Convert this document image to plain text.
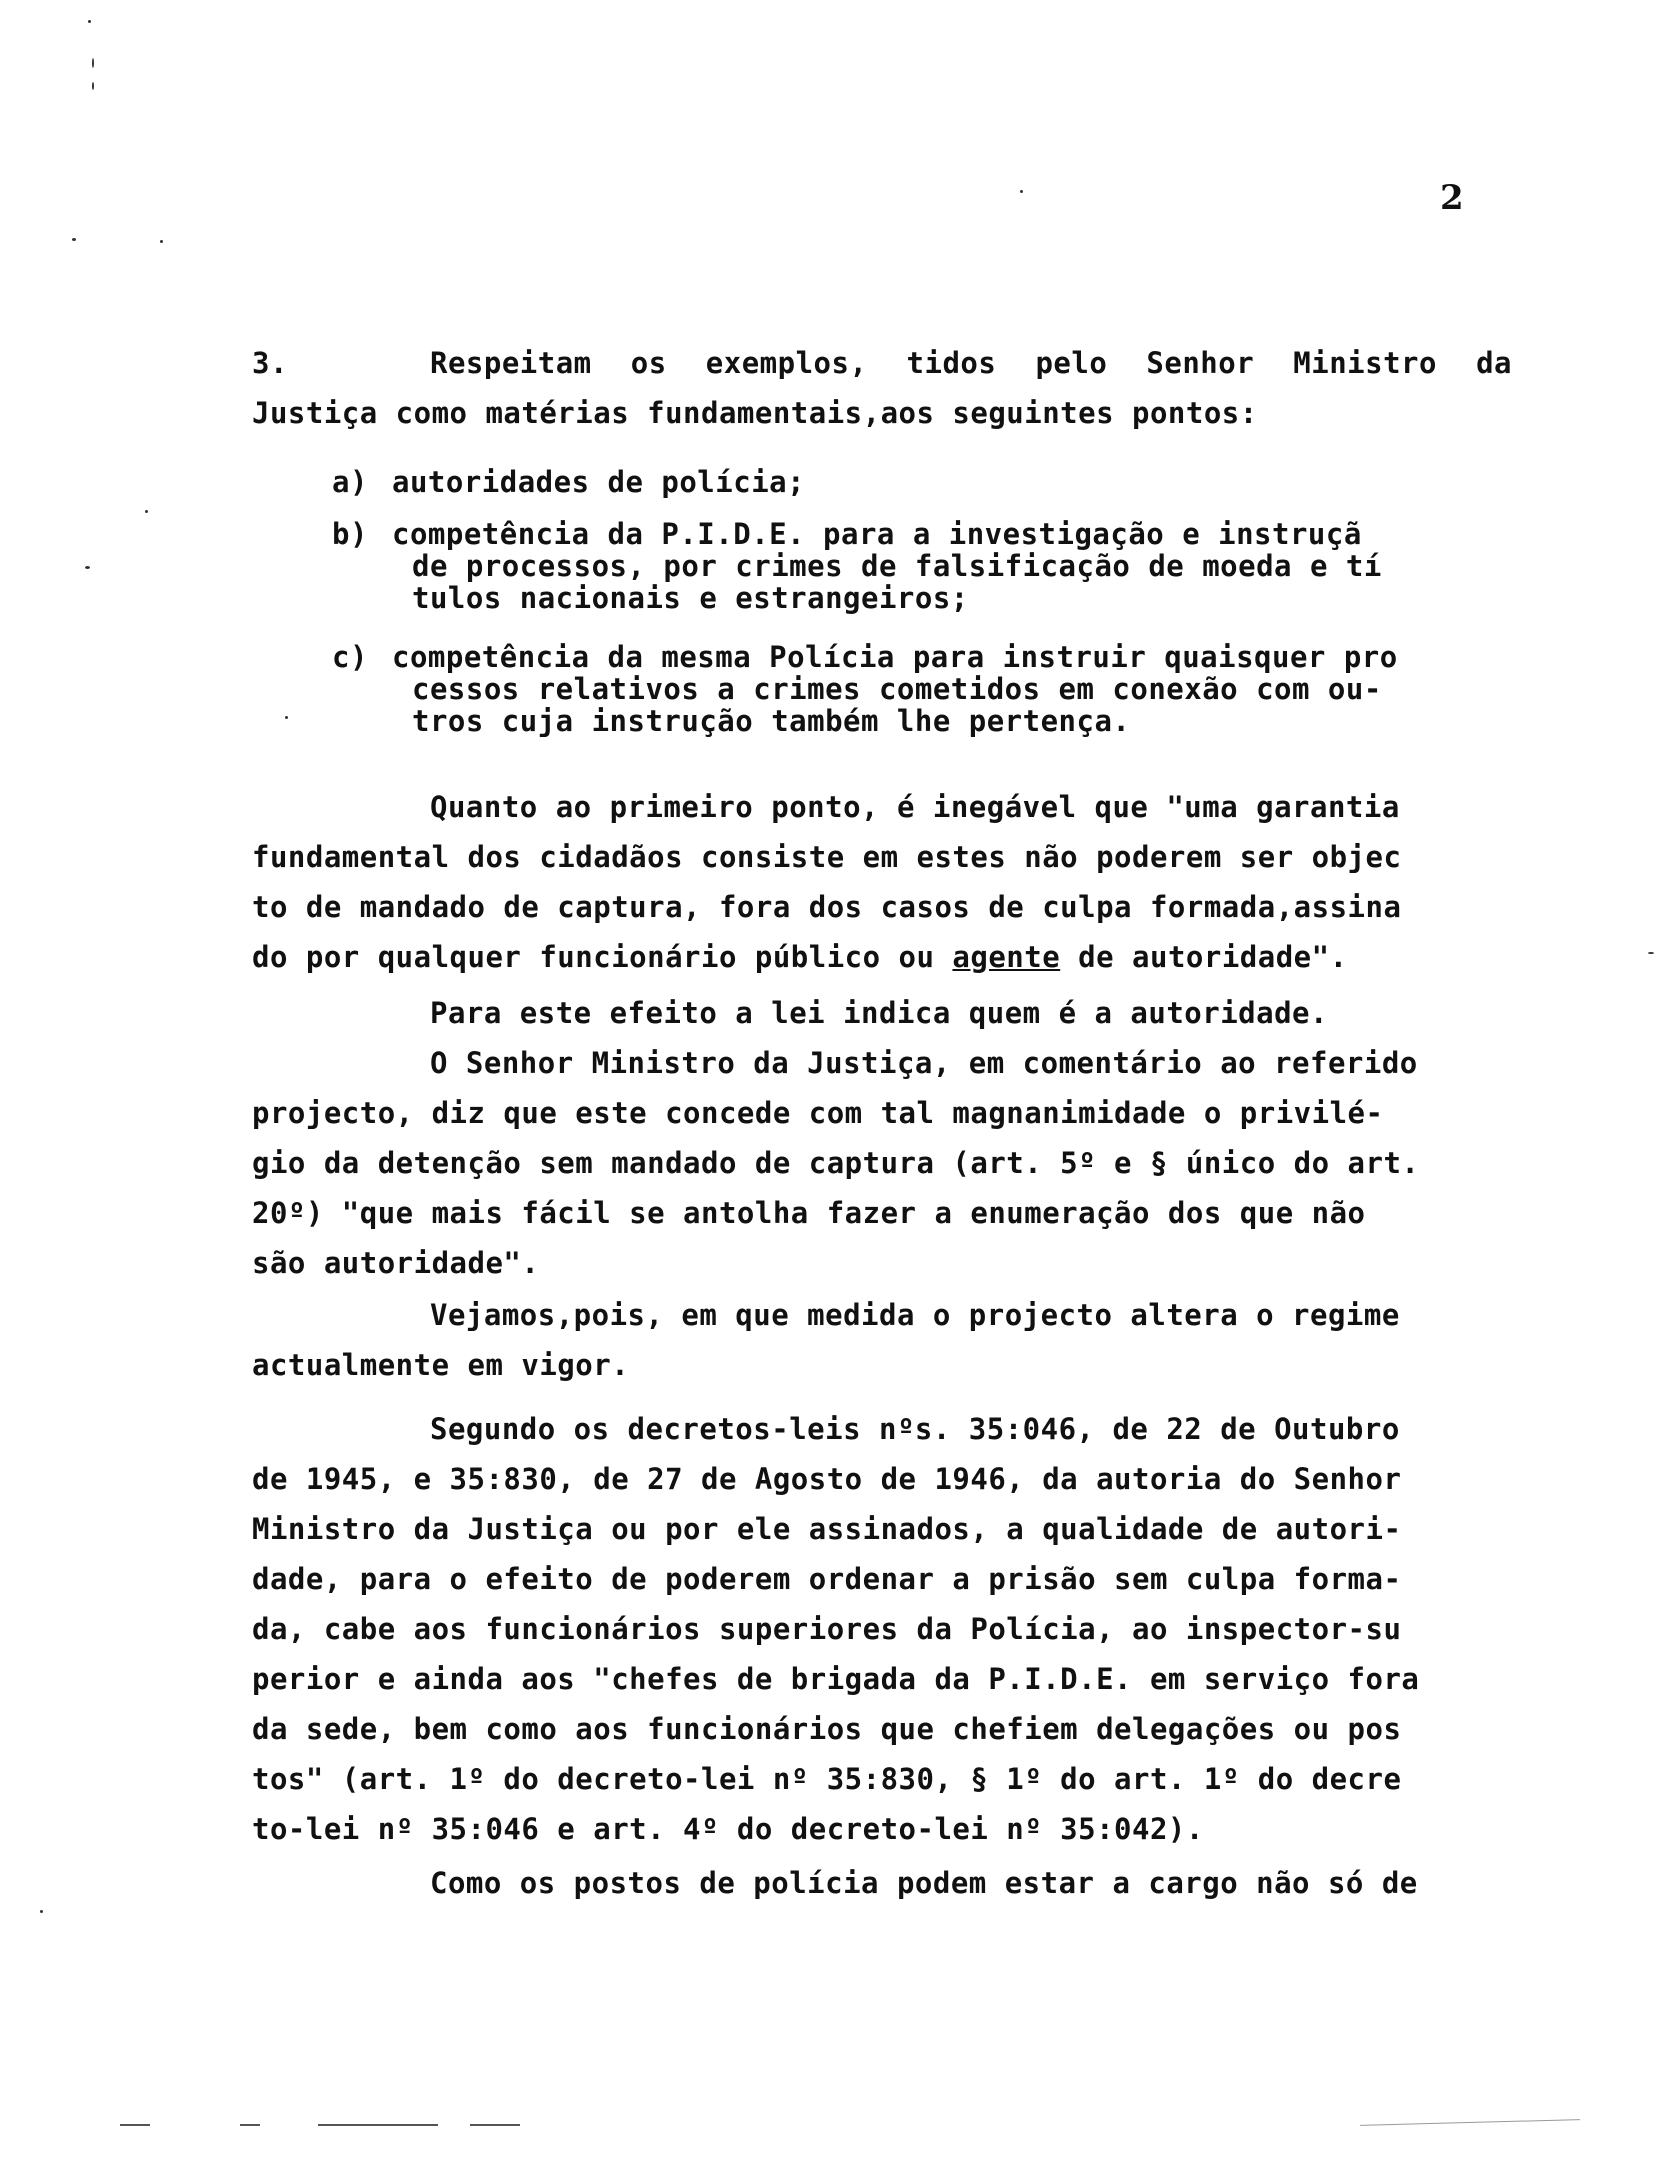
2
3.	Respeitam os exemplos, tidos pelo Senhor Ministro da
Justiça como matérias fundamentais,aos seguintes pontos:
a) autoridades de polícia;
b) competência da P.I.D.E. para a investigação e instruçã
de processos, por crimes de falsificação de moeda e tí
tulos nacionais e estrangeiros;
c) competência da mesma Polícia para instruir quaisquer pro
cessos relativos a crimes cometidos em conexão com ou-
tros cuja instrução também lhe pertença.
Quanto ao primeiro ponto, é inegável que "uma garantia
fundamental dos cidadãos consiste em estes não poderem ser objec
to de mandado de captura, fora dos casos de culpa formada,assina
do por qualquer funcionário público ou agente de autoridade".
Para este efeito a lei indica quem é a autoridade.
O Senhor Ministro da Justiça, em comentário ao referido
projecto, diz que este concede com tal magnanimidade o privilé-
gio da detenção sem mandado de captura (art. 5º e § único do art.
20º) "que mais fácil se antolha fazer a enumeração dos que não
são autoridade".
Vejamos,pois, em que medida o projecto altera o regime
actualmente em vigor.
Segundo os decretos-leis nºs. 35:046, de 22 de Outubro
de 1945, e 35:830, de 27 de Agosto de 1946, da autoria do Senhor
Ministro da Justiça ou por ele assinados, a qualidade de autori-
dade, para o efeito de poderem ordenar a prisão sem culpa forma-
da, cabe aos funcionários superiores da Polícia, ao inspector-su
perior e ainda aos "chefes de brigada da P.I.D.E. em serviço fora
da sede, bem como aos funcionários que chefiem delegações ou pos
tos" (art. 1º do decreto-lei nº 35:830, § 1º do art. 1º do decre
to-lei nº 35:046 e art. 4º do decreto-lei nº 35:042).
Como os postos de polícia podem estar a cargo não só de
